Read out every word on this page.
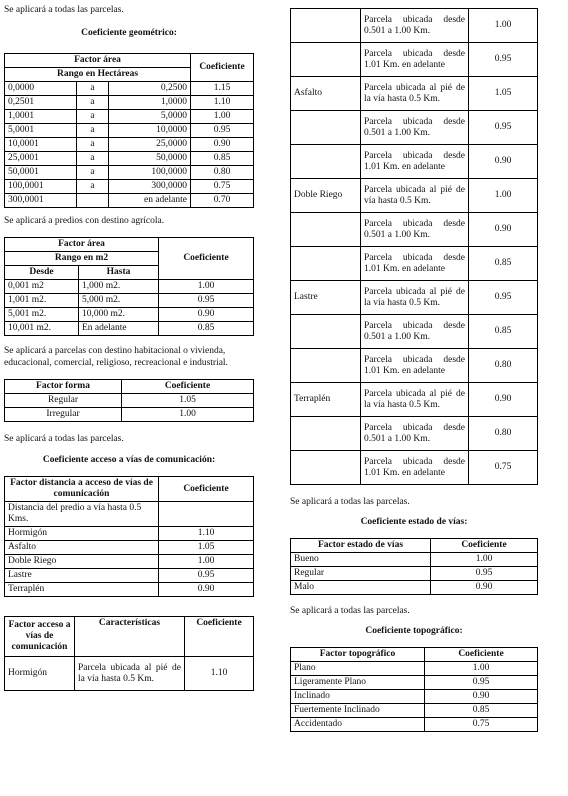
Se aplicará a todas las parcelas.

Coeficiente geométrico:
Factor área			Coeficiente
Rango en Hectáreas			
0,0000	a	0,2500	1.15
0,2501	a	1,0000	1.10
1,0001	a	5,0000	1.00
5,0001	a	10,0000	0.95
10,0001	a	25,0000	0.90
25,0001	a	50,0000	0.85
50,0001	a	100,0000	0.80
100,0001	a	300,0000	0.75
300,0001		en adelante	0.70

Se aplicará a predios con destino agrícola.

Factor área		Coeficiente
Rango en m2		
Desde	Hasta	
0,001 m2	1,000 m2.	1.00
1,001 m2.	5,000 m2.	0.95
5,001 m2.	10,000 m2.	0.90
10,001 m2.	En adelante	0.85

Se aplicará a parcelas con destino habitacional o vivienda, educacional, comercial, religioso, recreacional e industrial.

Factor forma	Coeficiente
Regular	1.05
Irregular	1.00

Se aplicará a todas las parcelas.

Coeficiente acceso a vías de comunicación:
Factor distancia a acceso de vías de comunicación	Coeficiente
Distancia del predio a vía hasta 0.5 Kms.	
Hormigón	1.10
Asfalto	1.05
Doble Riego	1.00
Lastre	0.95
Terraplén	0.90
Factor acceso a vías de comunicación	Características	Coeficiente
Hormigón	Parcela ubicada al pié de la vía hasta 0.5 Km.	1.10
	Parcela ubicada desde 0.501 a 1.00 Km.	1.00
	Parcela ubicada desde 1.01 Km. en adelante	0.95
Asfalto	Parcela ubicada al pié de la vía hasta 0.5 Km.	1.05
	Parcela ubicada desde 0.501 a 1.00 Km.	0.95
	Parcela ubicada desde 1.01 Km. en adelante	0.90
Doble Riego	Parcela ubicada al pié de vía hasta 0.5 Km.	1.00
	Parcela ubicada desde 0.501 a 1.00 Km.	0.90
	Parcela ubicada desde 1.01 Km. en adelante	0.85
Lastre	Parcela ubicada al pié de la vía hasta 0.5 Km.	0.95
	Parcela ubicada desde 0.501 a 1.00 Km.	0.85
	Parcela ubicada desde 1.01 Km. en adelante	0.80
Terraplén	Parcela ubicada al pié de la vía hasta 0.5 Km.	0.90
	Parcela ubicada desde 0.501 a 1.00 Km.	0.80
	Parcela ubicada desde 1.01 Km. en adelante	0.75

Se aplicará a todas las parcelas.

Coeficiente estado de vías:
Factor estado de vías	Coeficiente
Bueno	1.00
Regular	0.95
Malo	0.90

Se aplicará a todas las parcelas.

Coeficiente topográfico:
Factor topográfico	Coeficiente
Plano	1.00
Ligeramente Plano	0.95
Inclinado	0.90
Fuertemente Inclinado	0.85
Accidentado	0.75
